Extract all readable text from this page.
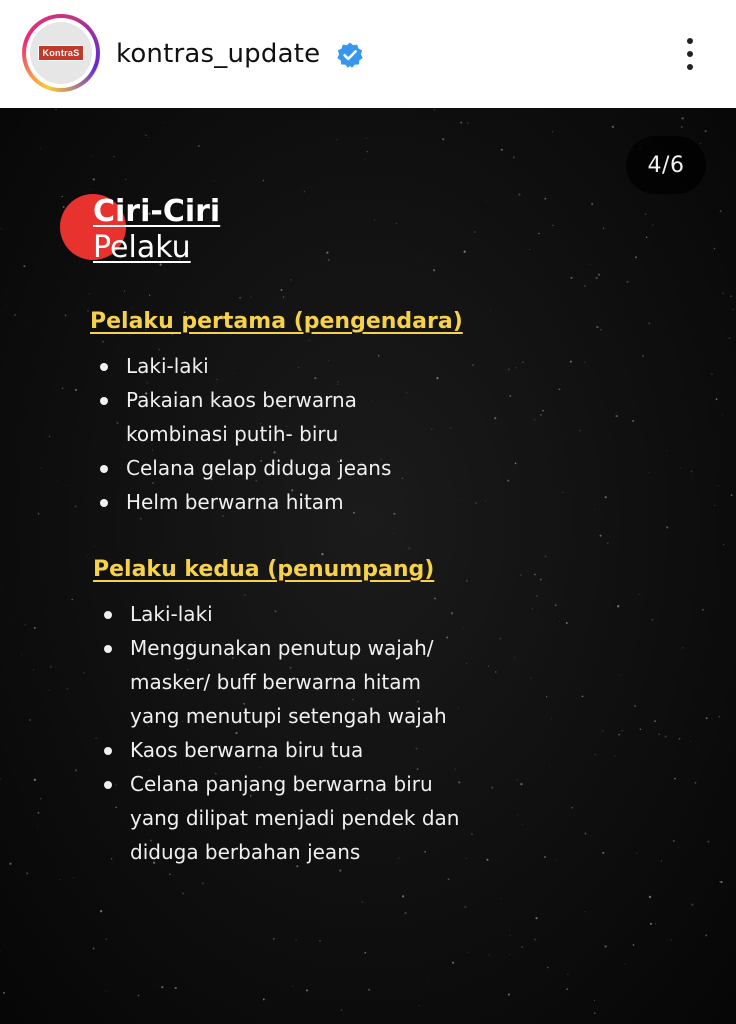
KontraS kontras_update
4/6
Ciri-Ciri
Pelaku
Pelaku pertama (pengendara)
Laki-laki
Pakaian kaos berwarna
kombinasi putih- biru
Celana gelap diduga jeans
Helm berwarna hitam
Pelaku kedua (penumpang)
Laki-laki
Menggunakan penutup wajah/
masker/ buff berwarna hitam
yang menutupi setengah wajah
Kaos berwarna biru tua
Celana panjang berwarna biru
yang dilipat menjadi pendek dan
diduga berbahan jeans
